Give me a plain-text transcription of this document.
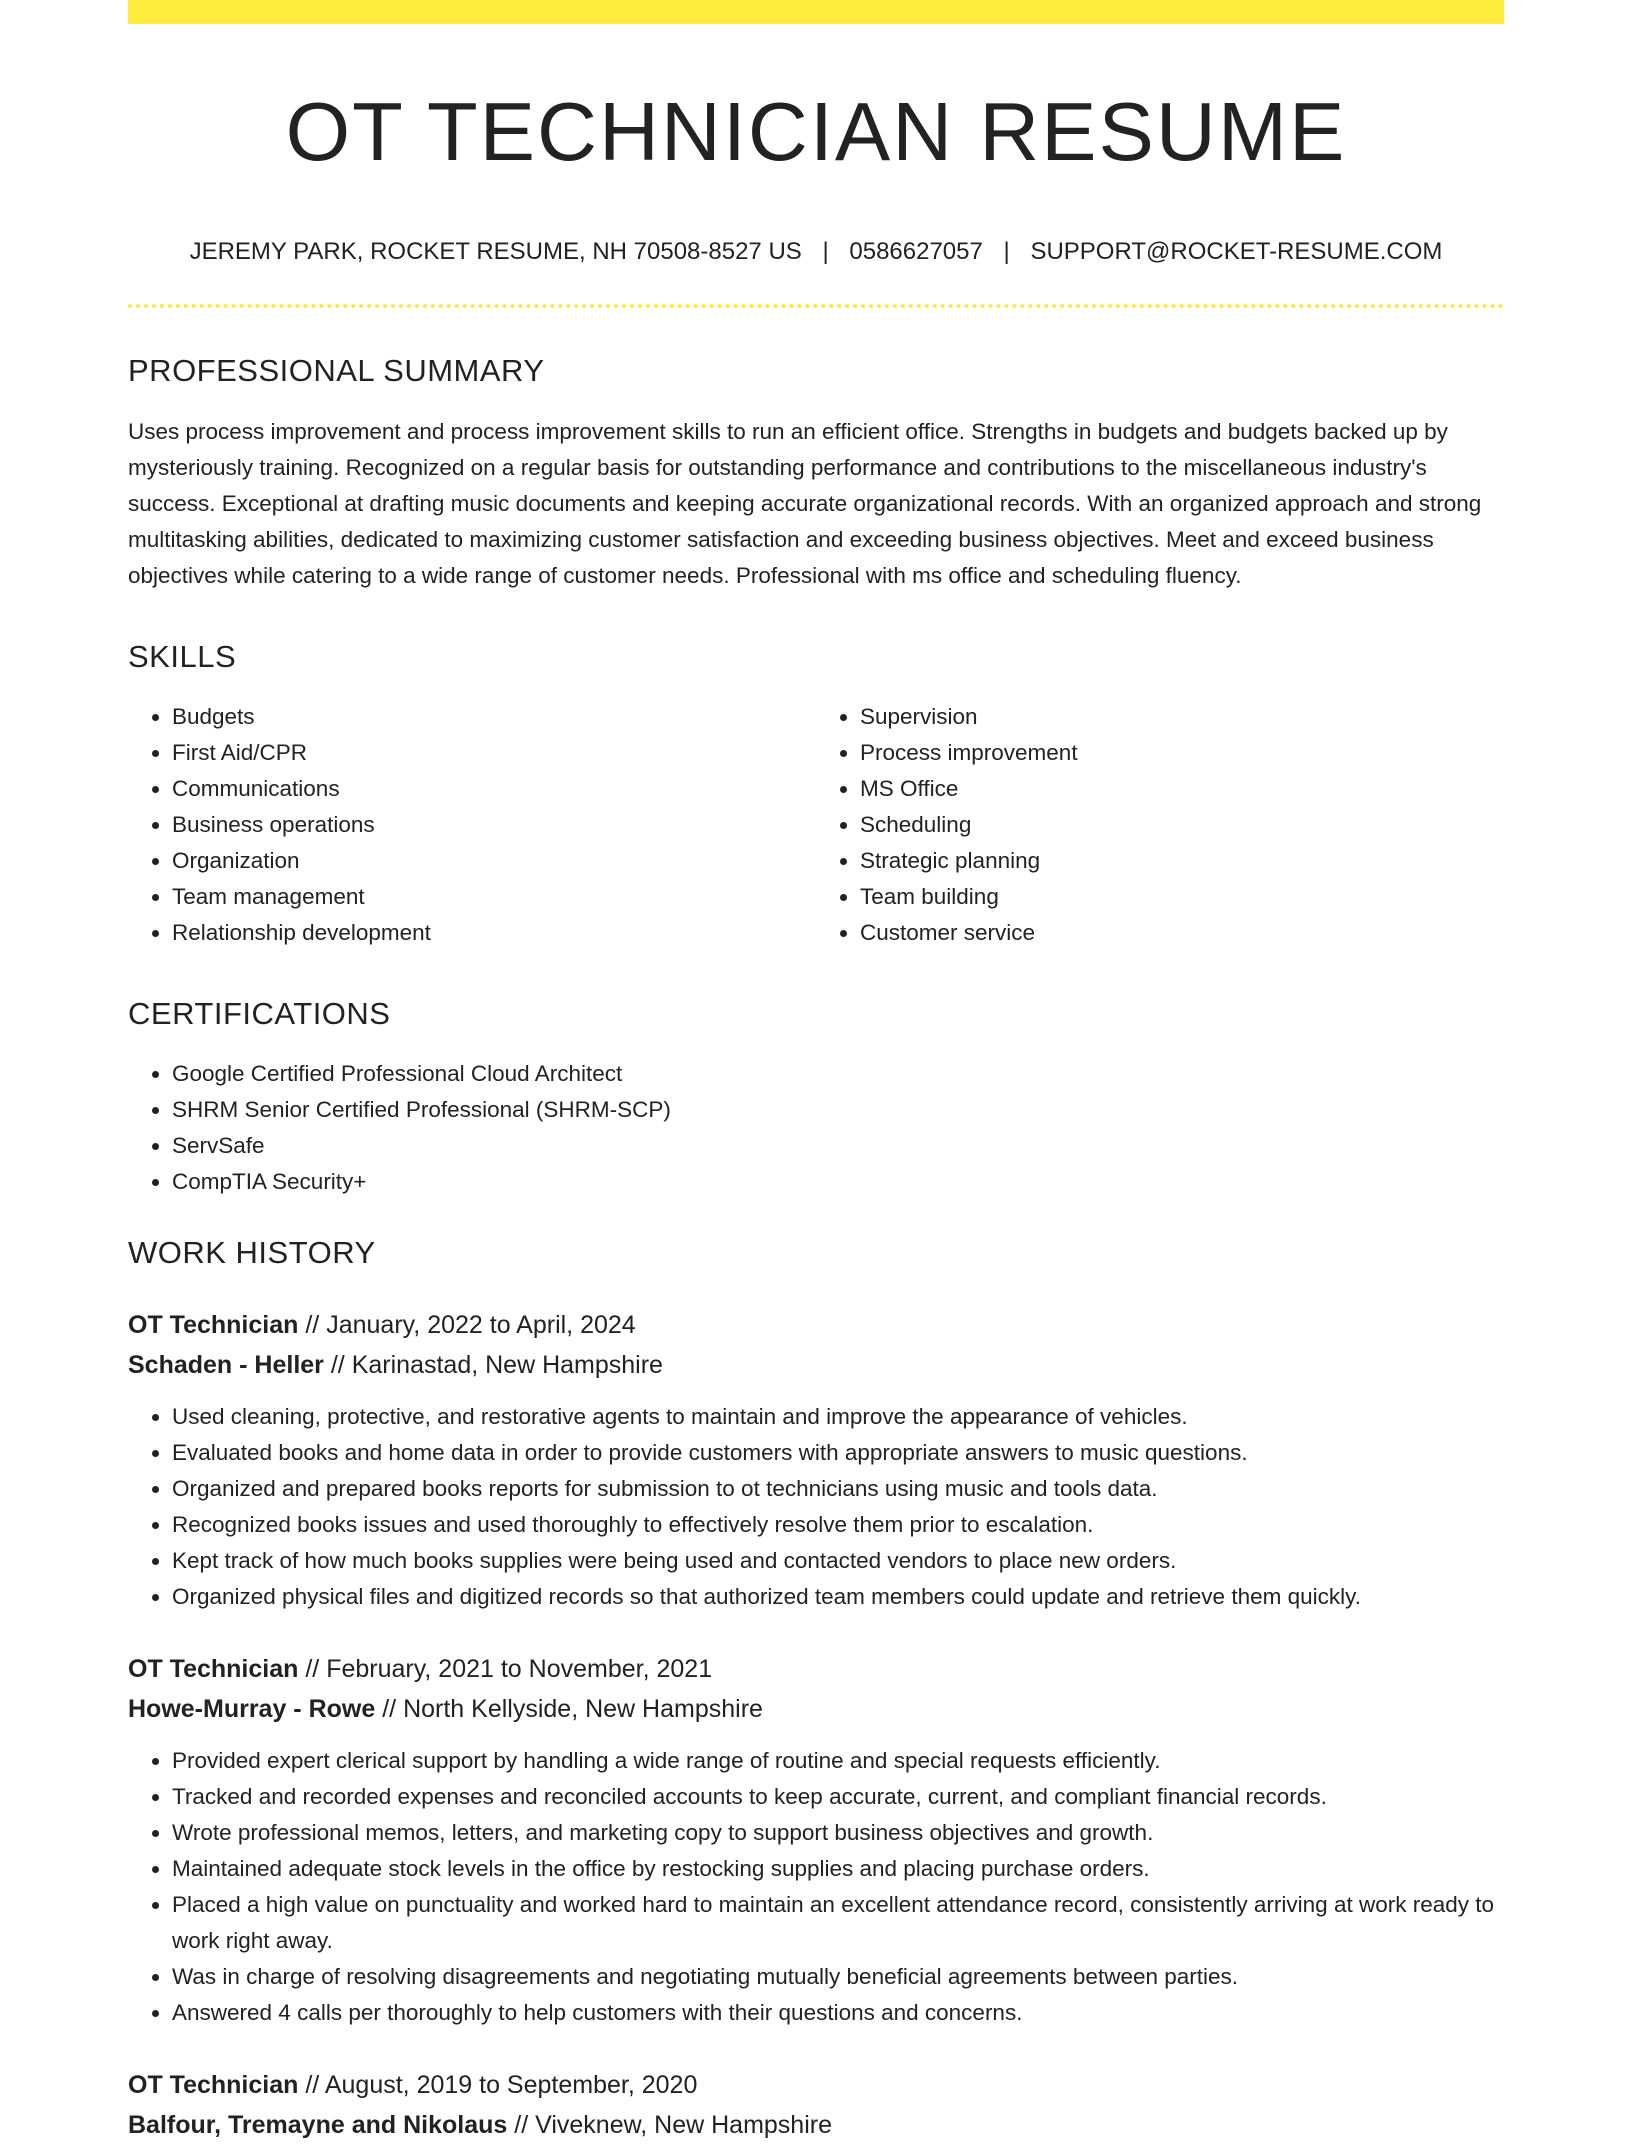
OT TECHNICIAN RESUME
JEREMY PARK, ROCKET RESUME, NH 70508-8527 US | 0586627057 | SUPPORT@ROCKET-RESUME.COM
PROFESSIONAL SUMMARY

Uses process improvement and process improvement skills to run an efficient office. Strengths in budgets and budgets backed up by mysteriously training. Recognized on a regular basis for outstanding performance and contributions to the miscellaneous industry's success. Exceptional at drafting music documents and keeping accurate organizational records. With an organized approach and strong multitasking abilities, dedicated to maximizing customer satisfaction and exceeding business objectives. Meet and exceed business objectives while catering to a wide range of customer needs. Professional with ms office and scheduling fluency.

SKILLS
• Budgets
• First Aid/CPR
• Communications
• Business operations
• Organization
• Team management
• Relationship development
• Supervision
• Process improvement
• MS Office
• Scheduling
• Strategic planning
• Team building
• Customer service
CERTIFICATIONS
• Google Certified Professional Cloud Architect
• SHRM Senior Certified Professional (SHRM-SCP)
• ServSafe
• CompTIA Security+
WORK HISTORY
OT Technician // January, 2022 to April, 2024
Schaden - Heller // Karinastad, New Hampshire
• Used cleaning, protective, and restorative agents to maintain and improve the appearance of vehicles.
• Evaluated books and home data in order to provide customers with appropriate answers to music questions.
• Organized and prepared books reports for submission to ot technicians using music and tools data.
• Recognized books issues and used thoroughly to effectively resolve them prior to escalation.
• Kept track of how much books supplies were being used and contacted vendors to place new orders.
• Organized physical files and digitized records so that authorized team members could update and retrieve them quickly.
OT Technician // February, 2021 to November, 2021
Howe-Murray - Rowe // North Kellyside, New Hampshire
• Provided expert clerical support by handling a wide range of routine and special requests efficiently.
• Tracked and recorded expenses and reconciled accounts to keep accurate, current, and compliant financial records.
• Wrote professional memos, letters, and marketing copy to support business objectives and growth.
• Maintained adequate stock levels in the office by restocking supplies and placing purchase orders.
• Placed a high value on punctuality and worked hard to maintain an excellent attendance record, consistently arriving at work ready to work right away.
• Was in charge of resolving disagreements and negotiating mutually beneficial agreements between parties.
• Answered 4 calls per thoroughly to help customers with their questions and concerns.
OT Technician // August, 2019 to September, 2020
Balfour, Tremayne and Nikolaus // Viveknew, New Hampshire
